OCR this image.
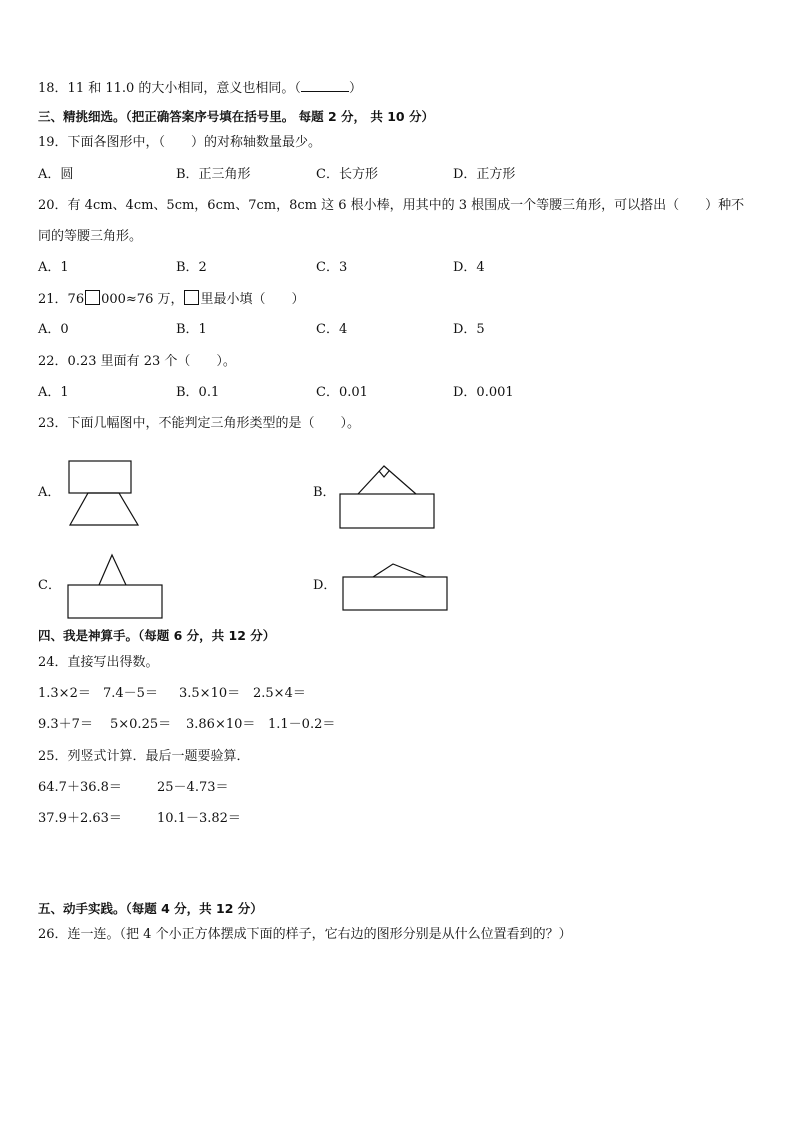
18．11 和 11.0 的大小相同，意义也相同。（	）
三、精挑细选。（把正确答案序号填在括号里。 每题 2 分， 共 10 分）
19．下面各图形中，（　　）的对称轴数量最少。
A．圆	B．正三角形	C．长方形	D．正方形
20．有 4cm、4cm、5cm，6cm、7cm，8cm 这 6 根小棒，用其中的 3 根围成一个等腰三角形，可以搭出（　　）种不
同的等腰三角形。
A．1	B．2	C．3	D．4
21．76 000≈76 万， 里最小填（　　）
A．0	B．1	C．4	D．5
22．0.23 里面有 23 个（　　）。
A．1	B．0.1	C．0.01	D．0.001
23．下面几幅图中，不能判定三角形类型的是（　　）。
A．	B．
C．	D．
四、我是神算手。（每题 6 分，共 12 分）
24．直接写出得数。
1.3×2＝ 7.4－5＝ 3.5×10＝ 2.5×4＝
9.3＋7＝ 5×0.25＝ 3.86×10＝ 1.1－0.2＝
25．列竖式计算．最后一题要验算．
64.7＋36.8＝	25－4.73＝
37.9＋2.63＝	10.1－3.82＝
五、动手实践。（每题 4 分，共 12 分）
26．连一连。（把 4 个小正方体摆成下面的样子，它右边的图形分别是从什么位置看到的？）
